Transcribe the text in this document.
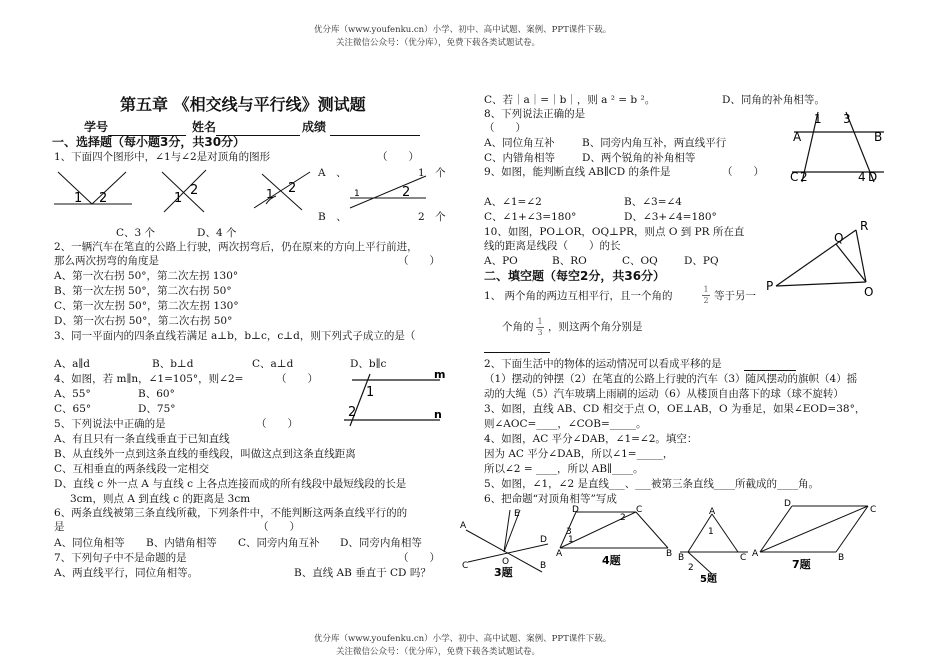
优分库（www.youfenku.cn）小学、初中、高中试题、案例、PPT课件下载。
关注微信公众号：（优分库），免费下载各类试题试卷。
第五章 《相交线与平行线》测试题
学号	姓名	成绩
一、选择题（每小题3分，共30分）
1、下面四个图形中，∠1与∠2是对顶角的图形	（　　）
1 2	1
2	1 2	1	2
A　、	1　个
B　、	2　个
C、3 个　　　　D、4 个
2、一辆汽车在笔直的公路上行驶，两次拐弯后，仍在原来的方向上平行前进，
那么两次拐弯的角度是	（　　）
A、第一次右拐 50°，第二次左拐 130°
B、第一次左拐 50°，第二次右拐 50°
C、第一次左拐 50°，第二次左拐 130°
D、第一次右拐 50°，第二次右拐 50°
3、同一平面内的四条直线若满足 a⊥b，b⊥c，c⊥d，则下列式子成立的是（
A、a∥d	B、b⊥d	C、a⊥d	D、b∥c
4、如图，若 m∥n，∠1=105°，则∠2=	（　　）
A、55°	B、60°
C、65°	D、75°
1
2
m
n
5、下列说法中正确的是	（　　）
A、有且只有一条直线垂直于已知直线
B、从直线外一点到这条直线的垂线段，叫做这点到这条直线距离
C、互相垂直的两条线段一定相交
D、直线 c 外一点 A 与直线 c 上各点连接而成的所有线段中最短线段的长是
3cm，则点 A 到直线 c 的距离是 3cm
6、两条直线被第三条直线所截，下列条件中，不能判断这两条直线平行的的
是	（　　）
A、同位角相等 B、内错角相等 C、同旁内角互补 D、同旁内角相等
7、下列句子中不是命题的是	（　　）
A、两直线平行，同位角相等。	B、直线 AB 垂直于 CD 吗？
C、若｜a｜=｜b｜，则 a ² = b ²。	D、同角的补角相等。
8、下列说法正确的是
（　　）
A、同位角互补	B、同旁内角互补，两直线平行
C、内错角相等	D、两个锐角的补角相等
1 3
A	B
C 2	4 D
9、如图，能判断直线 AB∥CD 的条件是	（　　）
A、∠1=∠2	B、∠3=∠4
C、∠1+∠3=180°	D、∠3+∠4=180°
10、如图，PO⊥OR，OQ⊥PR，则点 O 到 PR 所在直
线的距离是线段（　　）的长
A、PO	B、RO	C、OQ D、PQ
Q
R
P	O
二、填空题（每空2分，共36分）
1、 两个角的两边互相平行，且一个角的
1
2 等于另一
个角的 1
3 ，则这两个角分别是
2、下面生活中的物体的运动情况可以看成平移的是
（1）摆动的钟摆（2）在笔直的公路上行驶的汽车（3）随风摆动的旗帜（4）摇
动的大绳（5）汽车玻璃上雨刷的运动（6）从楼顶自由落下的球（球不旋转）
3、如图，直线 AB、CD 相交于点 O，OE⊥AB，O 为垂足，如果∠EOD=38°，
则∠AOC=____，∠COB=_____。
4、如图，AC 平分∠DAB，∠1=∠2。填空：
因为 AC 平分∠DAB，所以∠1=_____，
所以∠2 = ____，所以 AB∥____。
5、如图，∠1，∠2 是直线___、___被第三条直线____所截成的____角。
6、把命题“对顶角相等”写成
E
D
A
B
O
C 3题
D	C
A	B
1
2
3
4题
A
1
B	C
2
5题
D
C
A	B
7题
优分库（www.youfenku.cn）小学、初中、高中试题、案例、PPT课件下载。
关注微信公众号：（优分库），免费下载各类试题试卷。
